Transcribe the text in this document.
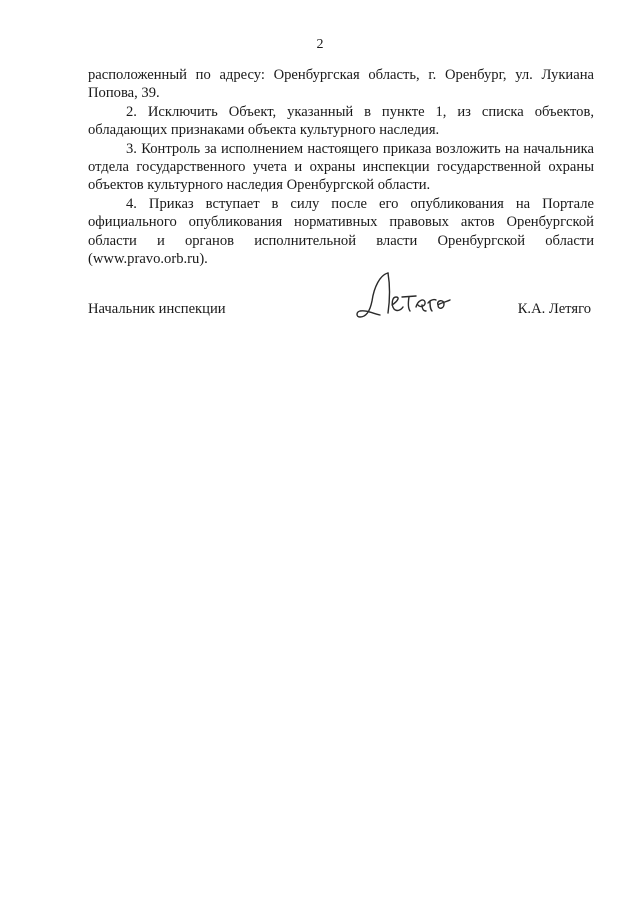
2

расположенный по адресу: Оренбургская область, г. Оренбург, ул. Лукиана Попова, 39.

2. Исключить Объект, указанный в пункте 1, из списка объектов, обладающих признаками объекта культурного наследия.

3. Контроль за исполнением настоящего приказа возложить на начальника отдела государственного учета и охраны инспекции государственной охраны объектов культурного наследия Оренбургской области.

4. Приказ вступает в силу после его опубликования на Портале официального опубликования нормативных правовых актов Оренбургской области и органов исполнительной власти Оренбургской области (www.pravo.orb.ru).

Начальник инспекции	К.А. Летяго
